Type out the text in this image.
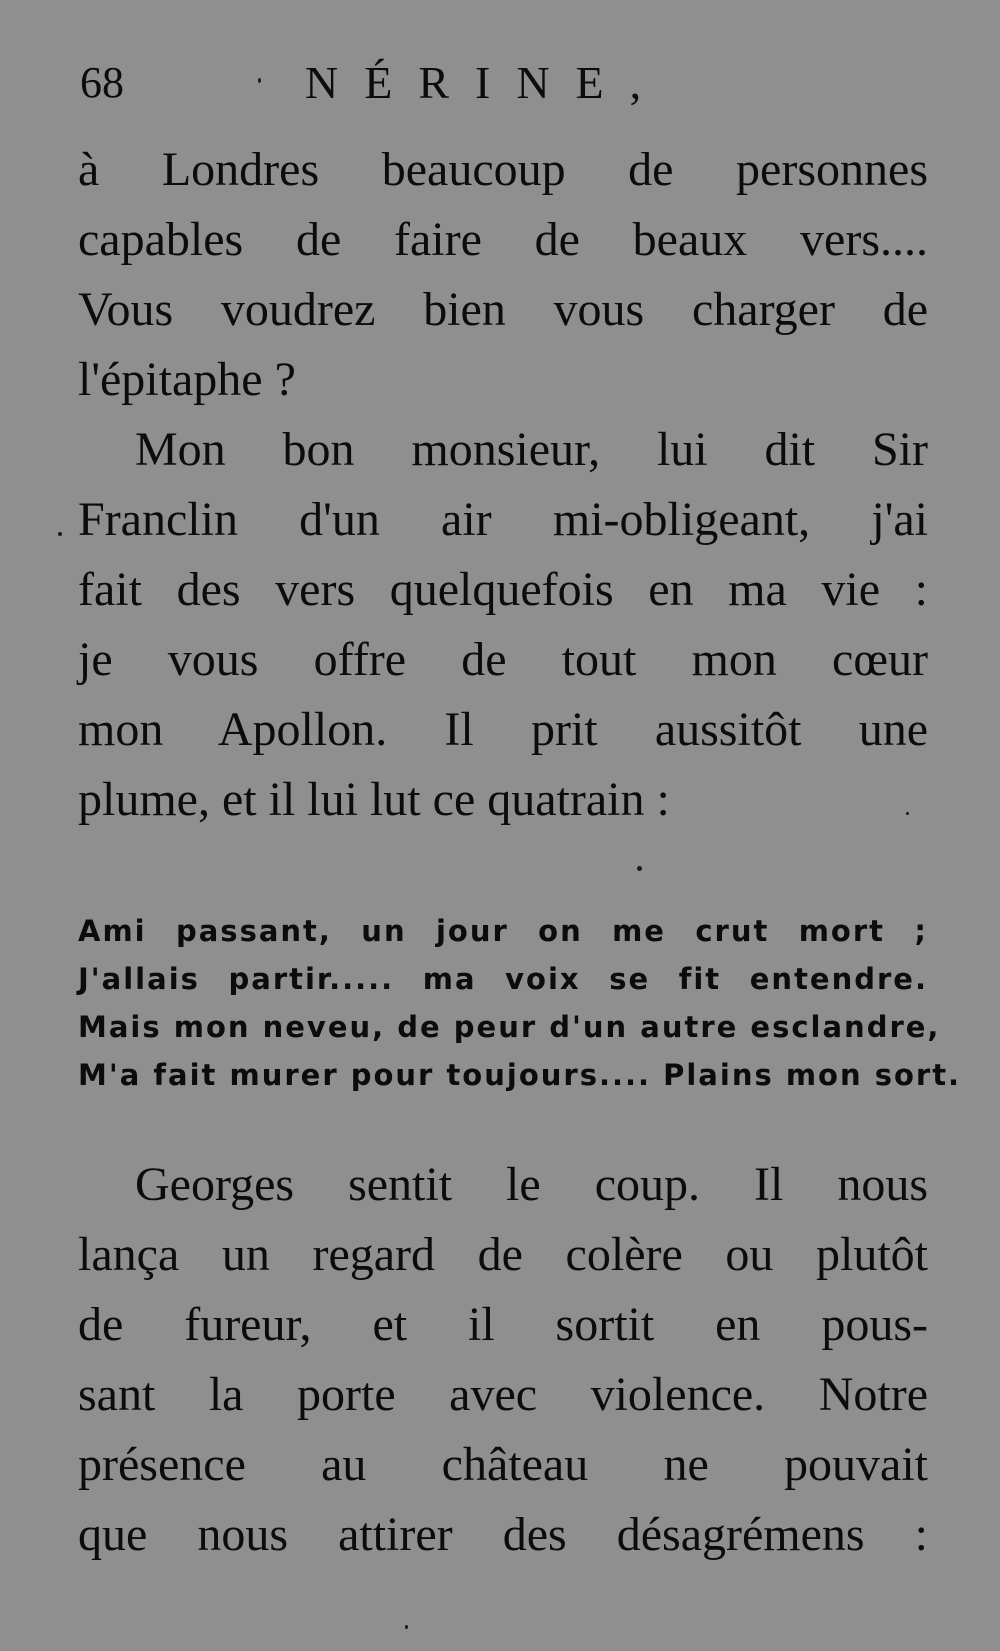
68	NÉRINE,
à Londres beaucoup de personnes
capables de faire de beaux vers....
Vous voudrez bien vous charger de
l'épitaphe ?
Mon bon monsieur, lui dit Sir
Franclin d'un air mi-obligeant, j'ai
fait des vers quelquefois en ma vie :
je vous offre de tout mon cœur
mon Apollon. Il prit aussitôt une
plume, et il lui lut ce quatrain :
Ami passant, un jour on me crut mort ;
J'allais partir..... ma voix se fit entendre.
Mais mon neveu, de peur d'un autre esclandre,
M'a fait murer pour toujours.... Plains mon sort.
Georges sentit le coup. Il nous
lança un regard de colère ou plutôt
de fureur, et il sortit en pous-
sant la porte avec violence. Notre
présence au château ne pouvait
que nous attirer des désagrémens :
